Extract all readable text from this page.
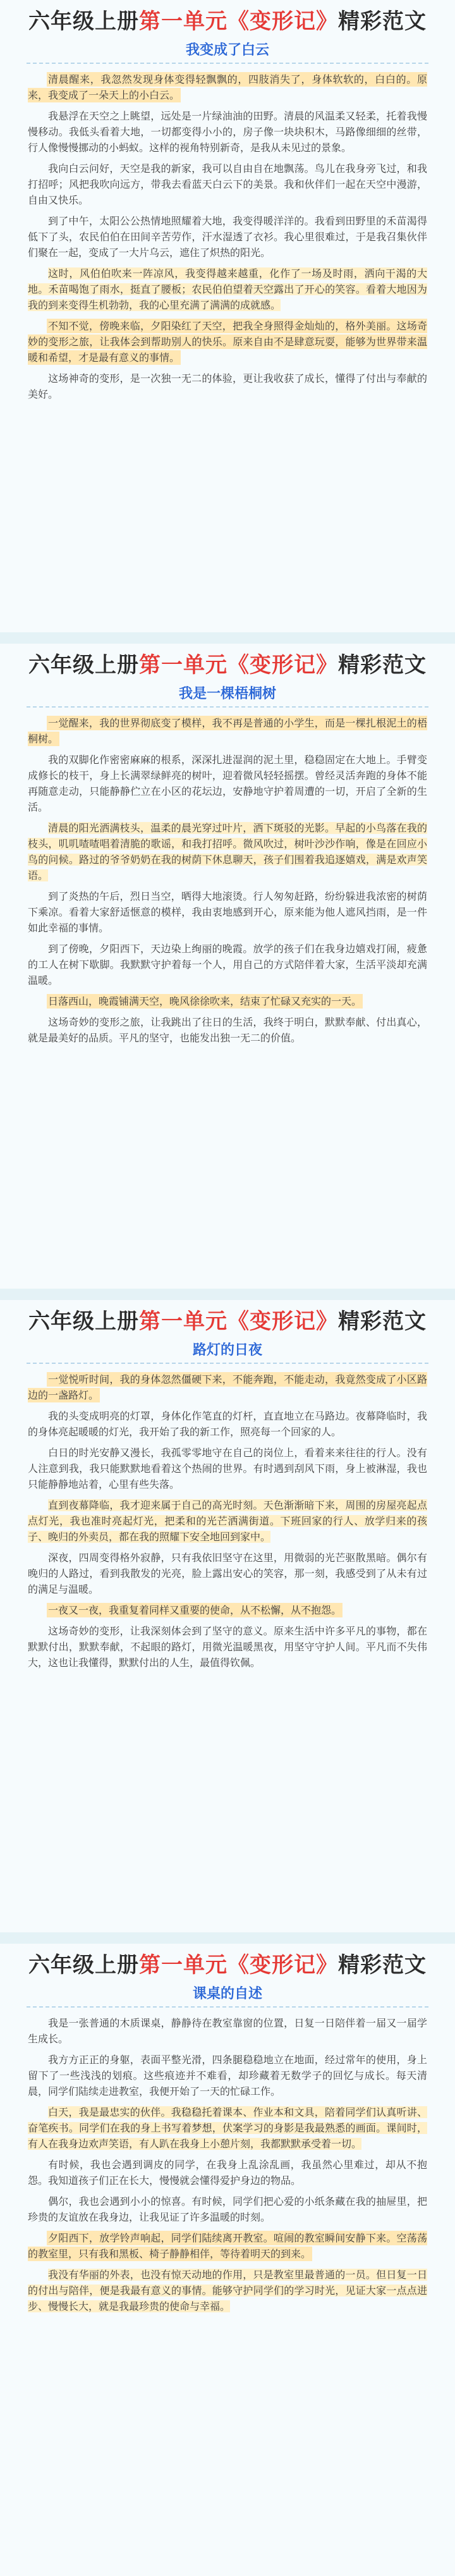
六年级上册第一单元《变形记》精彩范文
我变成了白云

清晨醒来，我忽然发现身体变得轻飘飘的，四肢消失了，身体软软的，白白的。原来，我变成了一朵天上的小白云。

我悬浮在天空之上眺望，远处是一片绿油油的田野。清晨的风温柔又轻柔，托着我慢慢移动。我低头看着大地，一切都变得小小的，房子像一块块积木，马路像细细的丝带，行人像慢慢挪动的小蚂蚁。这样的视角特别新奇，是我从未见过的景象。

我向白云问好，天空是我的新家，我可以自由自在地飘荡。鸟儿在我身旁飞过，和我打招呼；风把我吹向远方，带我去看蓝天白云下的美景。我和伙伴们一起在天空中漫游，自由又快乐。

到了中午，太阳公公热情地照耀着大地，我变得暖洋洋的。我看到田野里的禾苗渴得低下了头，农民伯伯在田间辛苦劳作，汗水湿透了衣衫。我心里很难过，于是我召集伙伴们聚在一起，变成了一大片乌云，遮住了炽热的阳光。

这时，风伯伯吹来一阵凉风，我变得越来越重，化作了一场及时雨，洒向干渴的大地。禾苗喝饱了雨水，挺直了腰板；农民伯伯望着天空露出了开心的笑容。看着大地因为我的到来变得生机勃勃，我的心里充满了满满的成就感。

不知不觉，傍晚来临，夕阳染红了天空，把我全身照得金灿灿的，格外美丽。这场奇妙的变形之旅，让我体会到帮助别人的快乐。原来自由不是肆意玩耍，能够为世界带来温暖和希望，才是最有意义的事情。

这场神奇的变形，是一次独一无二的体验，更让我收获了成长，懂得了付出与奉献的美好。

六年级上册第一单元《变形记》精彩范文
我是一棵梧桐树

一觉醒来，我的世界彻底变了模样，我不再是普通的小学生，而是一棵扎根泥土的梧桐树。

我的双脚化作密密麻麻的根系，深深扎进湿润的泥土里，稳稳固定在大地上。手臂变成修长的枝干，身上长满翠绿鲜亮的树叶，迎着微风轻轻摇摆。曾经灵活奔跑的身体不能再随意走动，只能静静伫立在小区的花坛边，安静地守护着周遭的一切，开启了全新的生活。

清晨的阳光洒满枝头，温柔的晨光穿过叶片，洒下斑驳的光影。早起的小鸟落在我的枝头，叽叽喳喳唱着清脆的歌谣，和我打招呼。微风吹过，树叶沙沙作响，像是在回应小鸟的问候。路过的爷爷奶奶在我的树荫下休息聊天，孩子们围着我追逐嬉戏，满是欢声笑语。

到了炎热的午后，烈日当空，晒得大地滚烫。行人匆匆赶路，纷纷躲进我浓密的树荫下乘凉。看着大家舒适惬意的模样，我由衷地感到开心，原来能为他人遮风挡雨，是一件如此幸福的事情。

到了傍晚，夕阳西下，天边染上绚丽的晚霞。放学的孩子们在我身边嬉戏打闹，疲惫的工人在树下歇脚。我默默守护着每一个人，用自己的方式陪伴着大家，生活平淡却充满温暖。

日落西山，晚霞铺满天空，晚风徐徐吹来，结束了忙碌又充实的一天。

这场奇妙的变形之旅，让我跳出了往日的生活，我终于明白，默默奉献、付出真心，就是最美好的品质。平凡的坚守，也能发出独一无二的价值。

六年级上册第一单元《变形记》精彩范文
路灯的日夜

一觉悦听时间，我的身体忽然僵硬下来，不能奔跑，不能走动，我竟然变成了小区路边的一盏路灯。

我的头变成明亮的灯罩，身体化作笔直的灯杆，直直地立在马路边。夜幕降临时，我的身体亮起暖暖的灯光，我开始了我的新工作，照亮每一个回家的人。

白日的时光安静又漫长，我孤零零地守在自己的岗位上，看着来来往往的行人。没有人注意到我，我只能默默地看着这个热闹的世界。有时遇到刮风下雨，身上被淋湿，我也只能静静地站着，心里有些失落。

直到夜幕降临，我才迎来属于自己的高光时刻。天色渐渐暗下来，周围的房屋亮起点点灯光，我也准时亮起灯光，把柔和的光芒洒满街道。下班回家的行人、放学归来的孩子、晚归的外卖员，都在我的照耀下安全地回到家中。

深夜，四周变得格外寂静，只有我依旧坚守在这里，用微弱的光芒驱散黑暗。偶尔有晚归的人路过，看到我散发的光亮，脸上露出安心的笑容，那一刻，我感受到了从未有过的满足与温暖。

一夜又一夜，我重复着同样又重要的使命，从不松懈，从不抱怨。

这场奇妙的变形，让我深刻体会到了坚守的意义。原来生活中许多平凡的事物，都在默默付出，默默奉献，不起眼的路灯，用微光温暖黑夜，用坚守守护人间。平凡而不失伟大，这也让我懂得，默默付出的人生，最值得钦佩。

六年级上册第一单元《变形记》精彩范文
课桌的自述

我是一张普通的木质课桌，静静待在教室靠窗的位置，日复一日陪伴着一届又一届学生成长。

我方方正正的身躯，表面平整光滑，四条腿稳稳地立在地面，经过常年的使用，身上留下了一些浅浅的划痕。这些痕迹并不难看，却珍藏着无数学子的回忆与成长。每天清晨，同学们陆续走进教室，我便开始了一天的忙碌工作。

白天，我是最忠实的伙伴。我稳稳托着课本、作业本和文具，陪着同学们认真听讲、奋笔疾书。同学们在我的身上书写着梦想，伏案学习的身影是我最熟悉的画面。课间时，有人在我身边欢声笑语，有人趴在我身上小憩片刻，我都默默承受着一切。

有时候，我也会遇到调皮的同学，在我身上乱涂乱画，我虽然心里难过，却从不抱怨。我知道孩子们正在长大，慢慢就会懂得爱护身边的物品。

偶尔，我也会遇到小小的惊喜。有时候，同学们把心爱的小纸条藏在我的抽屉里，把珍贵的友谊放在我身边，让我见证了许多温暖的时刻。

夕阳西下，放学铃声响起，同学们陆续离开教室。喧闹的教室瞬间安静下来。空荡荡的教室里，只有我和黑板、椅子静静相伴，等待着明天的到来。

我没有华丽的外表，也没有惊天动地的作用，只是教室里最普通的一员。但日复一日的付出与陪伴，便是我最有意义的事情。能够守护同学们的学习时光，见证大家一点点进步、慢慢长大，就是我最珍贵的使命与幸福。
